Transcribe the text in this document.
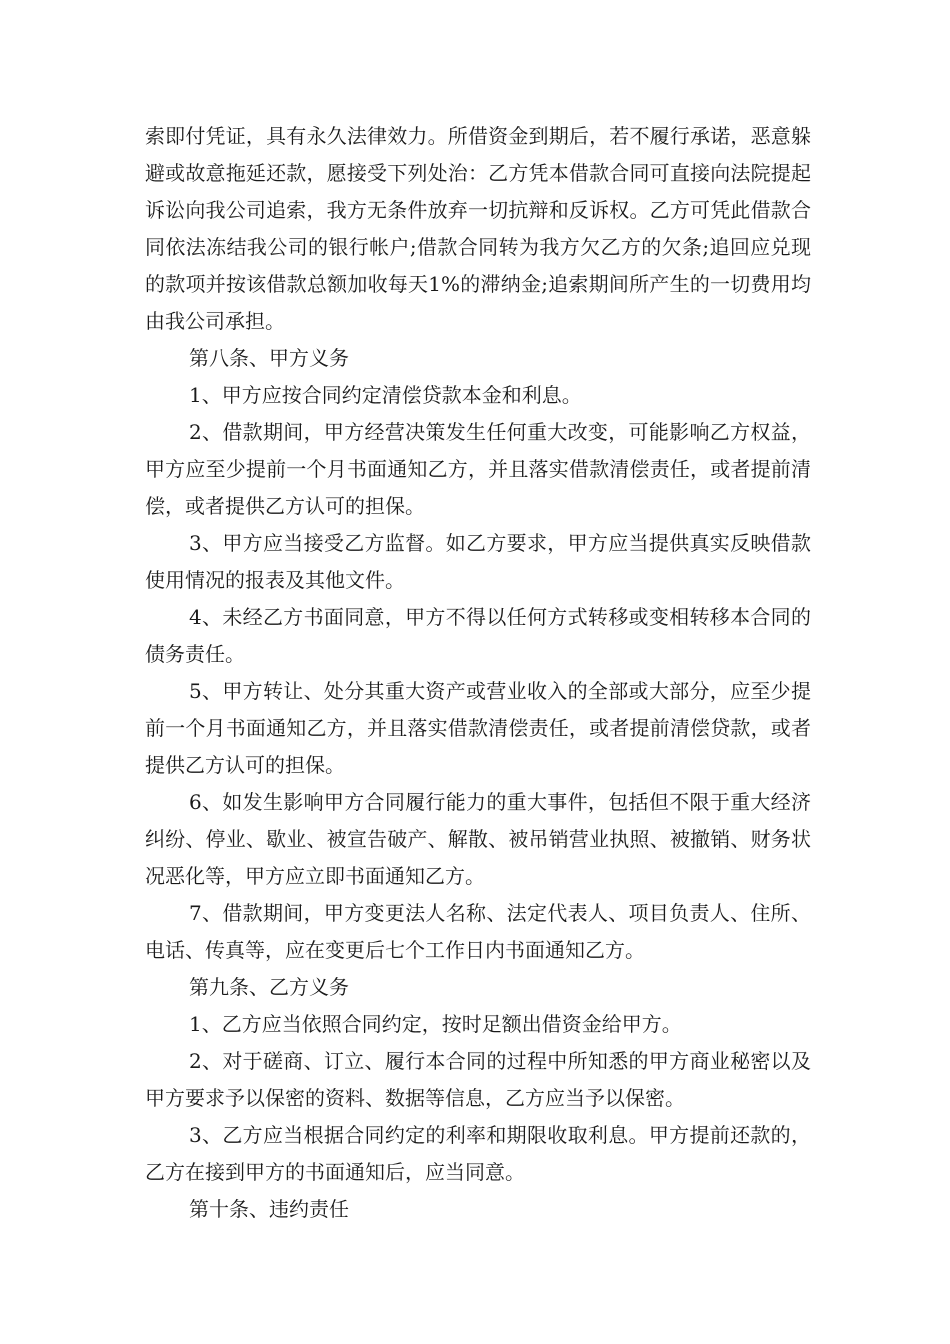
索即付凭证，具有永久法律效力。所借资金到期后，若不履行承诺，恶意躲避或故意拖延还款，愿接受下列处治：乙方凭本借款合同可直接向法院提起诉讼向我公司追索，我方无条件放弃一切抗辩和反诉权。乙方可凭此借款合同依法冻结我公司的银行帐户;借款合同转为我方欠乙方的欠条;追回应兑现的款项并按该借款总额加收每天1%的滞纳金;追索期间所产生的一切费用均由我公司承担。

第八条、甲方义务

1、甲方应按合同约定清偿贷款本金和利息。

2、借款期间，甲方经营决策发生任何重大改变，可能影响乙方权益，甲方应至少提前一个月书面通知乙方，并且落实借款清偿责任，或者提前清偿，或者提供乙方认可的担保。

3、甲方应当接受乙方监督。如乙方要求，甲方应当提供真实反映借款使用情况的报表及其他文件。

4、未经乙方书面同意，甲方不得以任何方式转移或变相转移本合同的债务责任。

5、甲方转让、处分其重大资产或营业收入的全部或大部分，应至少提前一个月书面通知乙方，并且落实借款清偿责任，或者提前清偿贷款，或者提供乙方认可的担保。

6、如发生影响甲方合同履行能力的重大事件，包括但不限于重大经济纠纷、停业、歇业、被宣告破产、解散、被吊销营业执照、被撤销、财务状况恶化等，甲方应立即书面通知乙方。

7、借款期间，甲方变更法人名称、法定代表人、项目负责人、住所、电话、传真等，应在变更后七个工作日内书面通知乙方。

第九条、乙方义务

1、乙方应当依照合同约定，按时足额出借资金给甲方。

2、对于磋商、订立、履行本合同的过程中所知悉的甲方商业秘密以及甲方要求予以保密的资料、数据等信息，乙方应当予以保密。

3、乙方应当根据合同约定的利率和期限收取利息。甲方提前还款的，乙方在接到甲方的书面通知后，应当同意。

第十条、违约责任
